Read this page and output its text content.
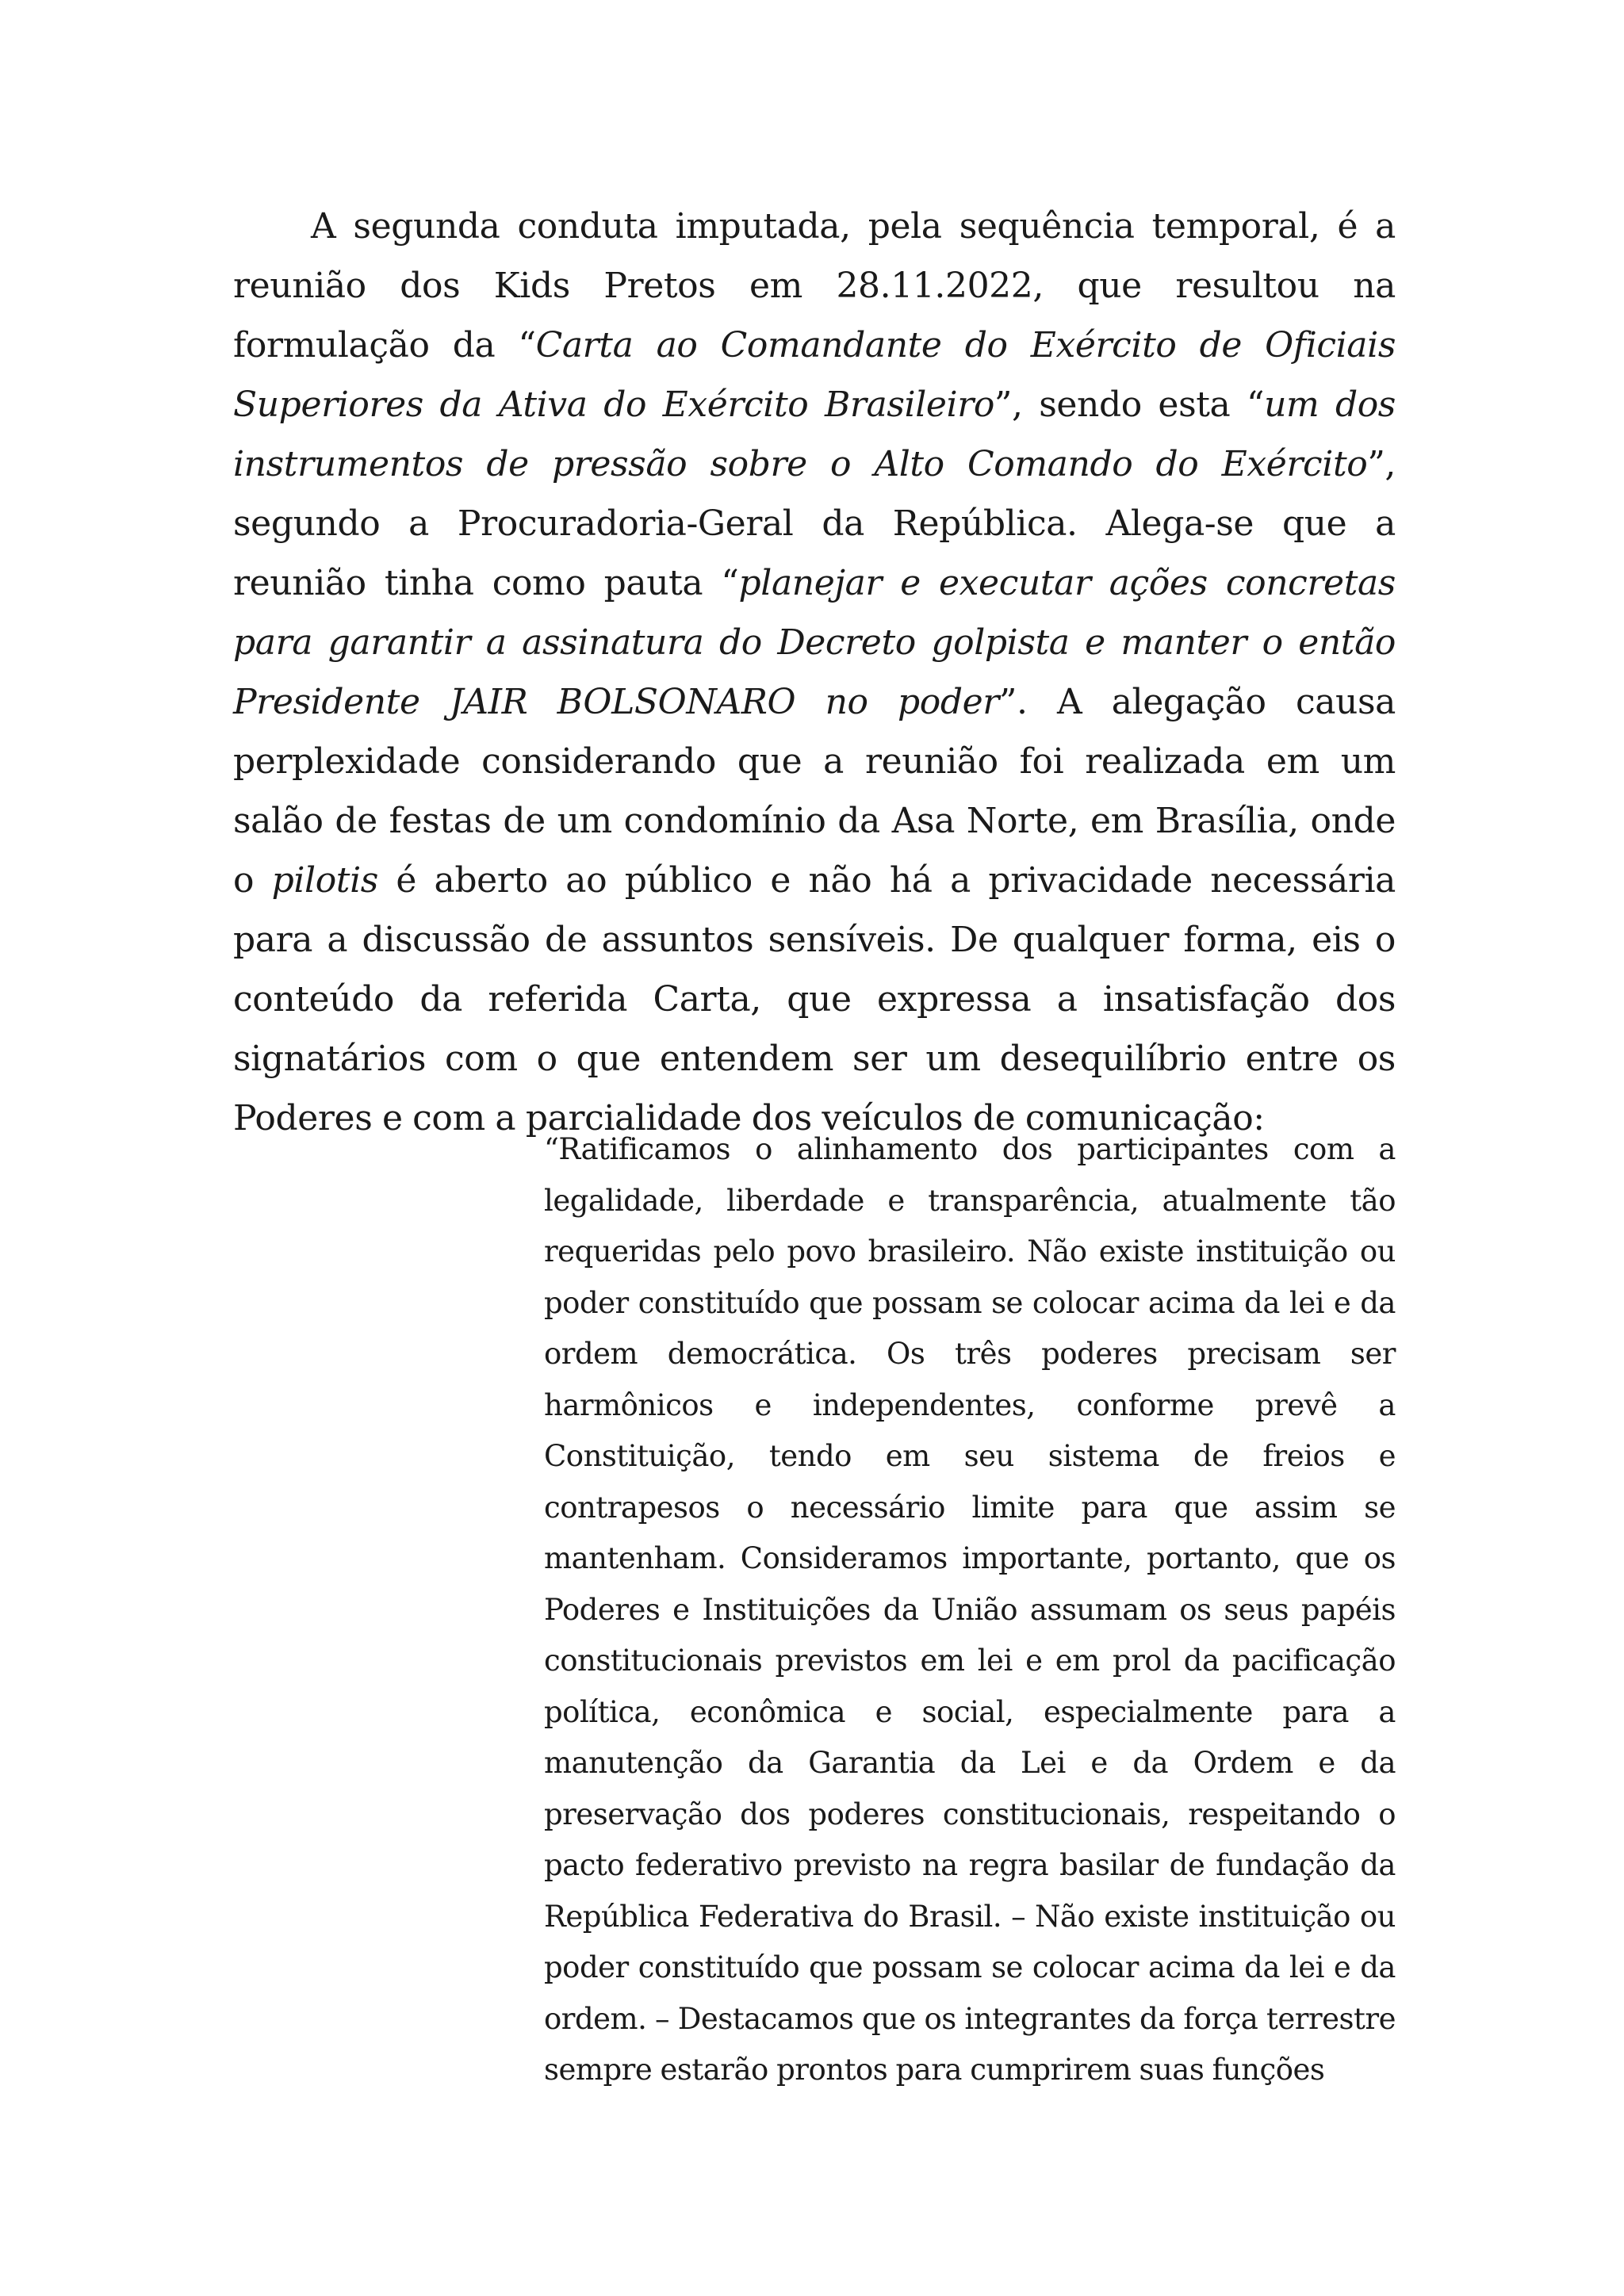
A segunda conduta imputada, pela sequência temporal, é a reunião dos Kids Pretos em 28.11.2022, que resultou na formulação da “Carta ao Comandante do Exército de Oficiais Superiores da Ativa do Exército Brasileiro”, sendo esta “um dos instrumentos de pressão sobre o Alto Comando do Exército”, segundo a Procuradoria-Geral da República. Alega-se que a reunião tinha como pauta “planejar e executar ações concretas para garantir a assinatura do Decreto golpista e manter o então Presidente JAIR BOLSONARO no poder”. A alegação causa perplexidade considerando que a reunião foi realizada em um salão de festas de um condomínio da Asa Norte, em Brasília, onde o pilotis é aberto ao público e não há a privacidade necessária para a discussão de assuntos sensíveis. De qualquer forma, eis o conteúdo da referida Carta, que expressa a insatisfação dos signatários com o que entendem ser um desequilíbrio entre os Poderes e com a parcialidade dos veículos de comunicação:

“Ratificamos o alinhamento dos participantes com a legalidade, liberdade e transparência, atualmente tão requeridas pelo povo brasileiro. Não existe instituição ou poder constituído que possam se colocar acima da lei e da ordem democrática. Os três poderes precisam ser harmônicos e independentes, conforme prevê a Constituição, tendo em seu sistema de freios e contrapesos o necessário limite para que assim se mantenham. Consideramos importante, portanto, que os Poderes e Instituições da União assumam os seus papéis constitucionais previstos em lei e em prol da pacificação política, econômica e social, especialmente para a manutenção da Garantia da Lei e da Ordem e da preservação dos poderes constitucionais, respeitando o pacto federativo previsto na regra basilar de fundação da República Federativa do Brasil. – Não existe instituição ou poder constituído que possam se colocar acima da lei e da ordem. – Destacamos que os integrantes da força terrestre sempre estarão prontos para cumprirem suas funções
